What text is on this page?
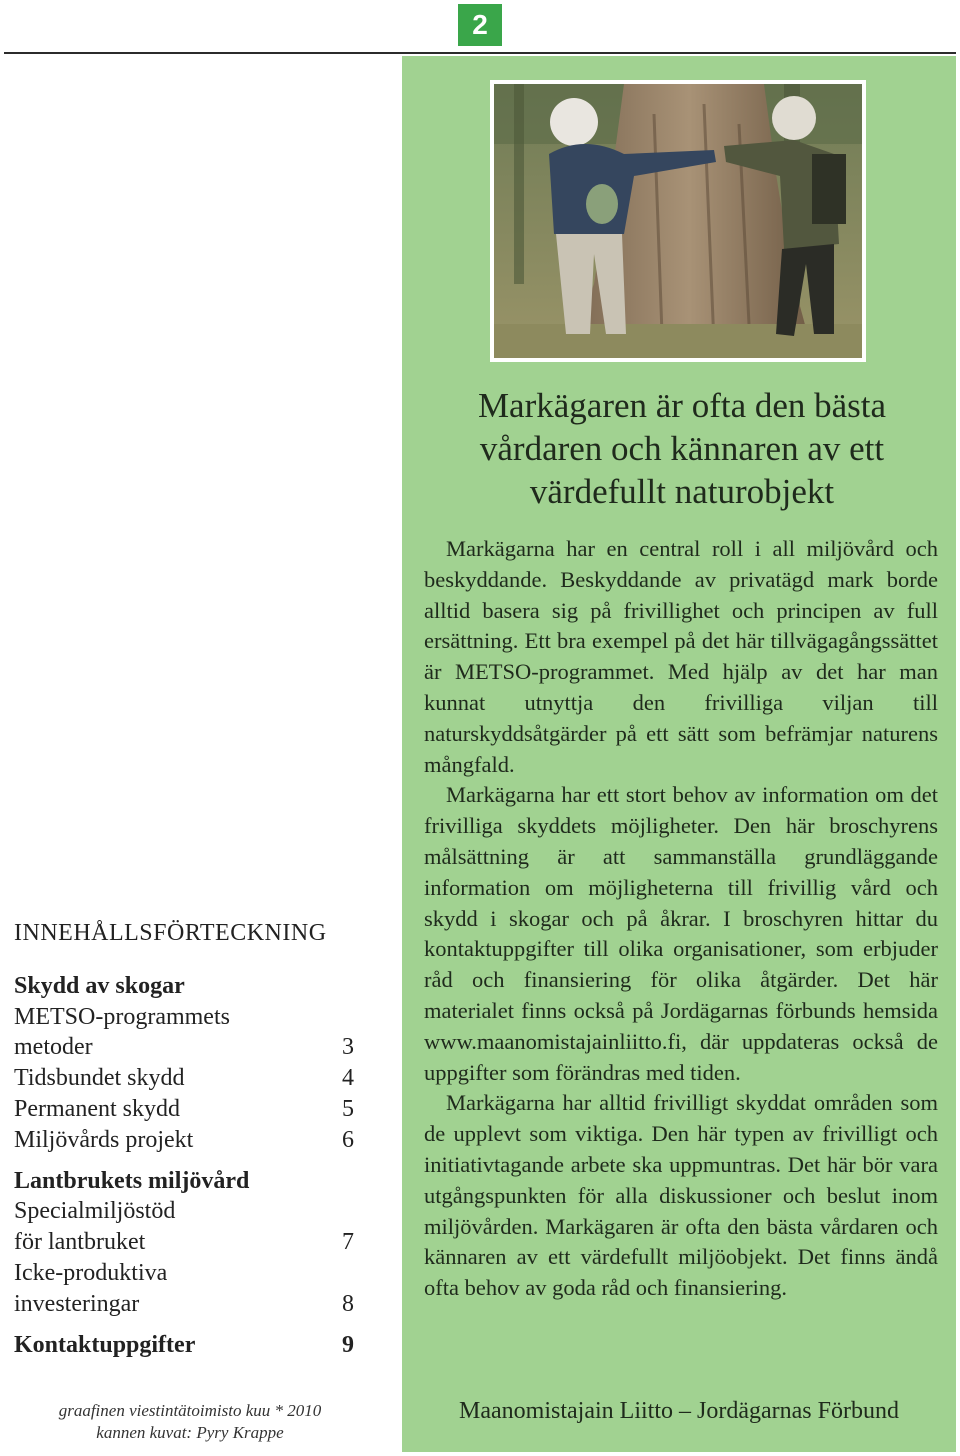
2
Markägaren är ofta den bästa vårdaren och kännaren av ett värdefullt naturobjekt

Markägarna har en central roll i all miljövård och beskyddande. Beskyddande av privatägd mark borde alltid basera sig på frivillighet och principen av full ersättning. Ett bra exempel på det här tillvägagångssättet är METSO-programmet. Med hjälp av det har man kunnat utnyttja den frivilliga viljan till naturskyddsåtgärder på ett sätt som befrämjar naturens mångfald.

Markägarna har ett stort behov av information om det frivilliga skyddets möjligheter. Den här broschyrens målsättning är att sammanställa grundläggande information om möjligheterna till frivillig vård och skydd i skogar och på åkrar. I broschyren hittar du kontaktuppgifter till olika organisationer, som erbjuder råd och finansiering för olika åtgärder. Det här materialet finns också på Jordägarnas förbunds hemsida www.maanomistajainliitto.fi, där uppdateras också de uppgifter som förändras med tiden.

Markägarna har alltid frivilligt skyddat områden som de upplevt som viktiga. Den här typen av frivilligt och initiativtagande arbete ska uppmuntras. Det här bör vara utgångspunkten för alla diskussioner och beslut inom miljövården. Markägaren är ofta den bästa vårdaren och kännaren av ett värdefullt miljöobjekt. Det finns ändå ofta behov av goda råd och finansiering.

Maanomistajain Liitto – Jordägarnas Förbund
INNEHÅLLSFÖRTECKNING
Skydd av skogar
METSO-programmets
metoder	3
Tidsbundet skydd	4
Permanent skydd	5
Miljövårds projekt	6
Lantbrukets miljövård
Specialmiljöstöd
för lantbruket	7
Icke-produktiva
investeringar	8
Kontaktuppgifter	9
graafinen viestintätoimisto kuu * 2010
kannen kuvat: Pyry Krappe
